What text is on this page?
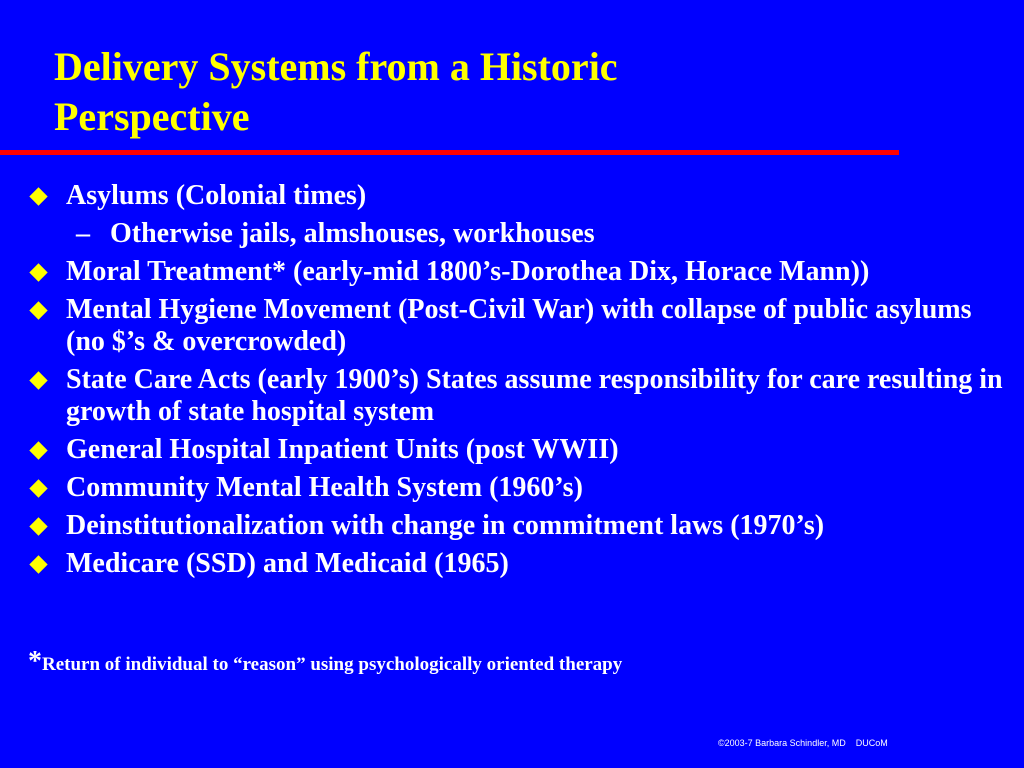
Delivery Systems from a Historic
Perspective
Asylums (Colonial times)
– Otherwise jails, almshouses, workhouses
Moral Treatment* (early-mid 1800’s-Dorothea Dix, Horace Mann))
Mental Hygiene Movement (Post-Civil War) with collapse of public asylums (no $’s & overcrowded)
State Care Acts (early 1900’s) States assume responsibility for care resulting in growth of state hospital system
General Hospital Inpatient Units (post WWII)
Community Mental Health System (1960’s)
Deinstitutionalization with change in commitment laws (1970’s)
Medicare (SSD) and Medicaid (1965)
*Return of individual to “reason” using psychologically oriented therapy
©2003-7 Barbara Schindler, MD    DUCoM
